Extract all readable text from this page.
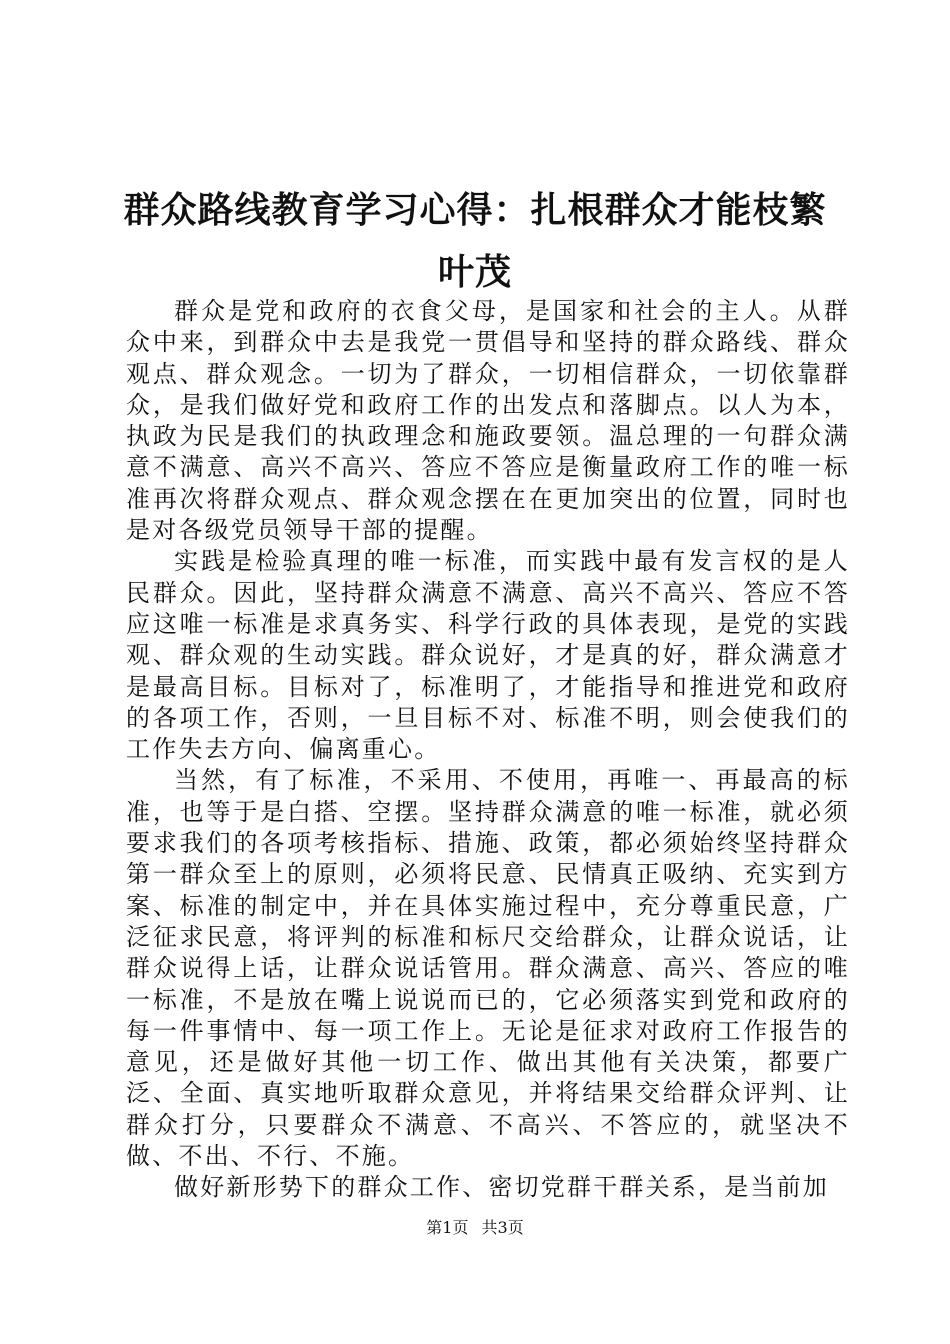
群众路线教育学习心得：扎根群众才能枝繁叶茂

群众是党和政府的衣食父母，是国家和社会的主人。从群众中来，到群众中去是我党一贯倡导和坚持的群众路线、群众观点、群众观念。一切为了群众，一切相信群众，一切依靠群众，是我们做好党和政府工作的出发点和落脚点。以人为本，执政为民是我们的执政理念和施政要领。温总理的一句群众满意不满意、高兴不高兴、答应不答应是衡量政府工作的唯一标准再次将群众观点、群众观念摆在在更加突出的位置，同时也是对各级党员领导干部的提醒。

实践是检验真理的唯一标准，而实践中最有发言权的是人民群众。因此，坚持群众满意不满意、高兴不高兴、答应不答应这唯一标准是求真务实、科学行政的具体表现，是党的实践观、群众观的生动实践。群众说好，才是真的好，群众满意才是最高目标。目标对了，标准明了，才能指导和推进党和政府的各项工作，否则，一旦目标不对、标准不明，则会使我们的工作失去方向、偏离重心。

当然，有了标准，不采用、不使用，再唯一、再最高的标准，也等于是白搭、空摆。坚持群众满意的唯一标准，就必须要求我们的各项考核指标、措施、政策，都必须始终坚持群众第一群众至上的原则，必须将民意、民情真正吸纳、充实到方案、标准的制定中，并在具体实施过程中，充分尊重民意，广泛征求民意，将评判的标准和标尺交给群众，让群众说话，让群众说得上话，让群众说话管用。群众满意、高兴、答应的唯一标准，不是放在嘴上说说而已的，它必须落实到党和政府的每一件事情中、每一项工作上。无论是征求对政府工作报告的意见，还是做好其他一切工作、做出其他有关决策，都要广泛、全面、真实地听取群众意见，并将结果交给群众评判、让群众打分，只要群众不满意、不高兴、不答应的，就坚决不做、不出、不行、不施。

做好新形势下的群众工作、密切党群干群关系，是当前加

第1页 共3页
